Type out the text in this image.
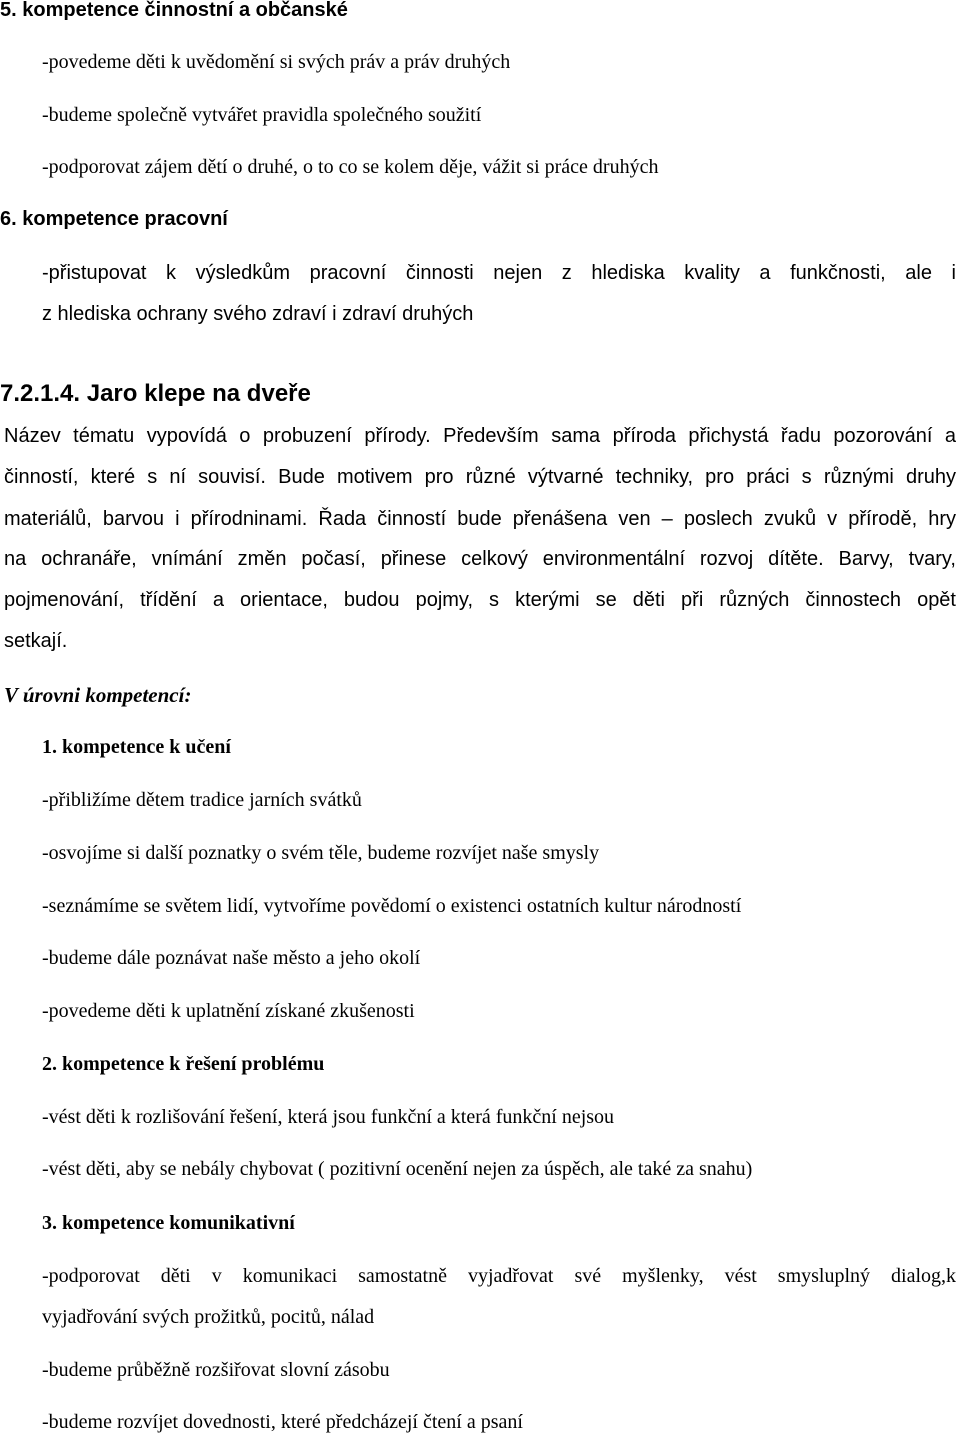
5. kompetence činnostní a občanské
-povedeme děti k uvědomění si svých práv a práv druhých
-budeme společně vytvářet pravidla společného soužití
-podporovat zájem dětí o druhé, o to co se kolem děje, vážit si práce druhých
6. kompetence pracovní
-přistupovat k výsledkům pracovní činnosti nejen z hlediska kvality a funkčnosti, ale i
z hlediska ochrany svého zdraví i zdraví druhých
7.2.1.4. Jaro klepe na dveře
Název tématu vypovídá o probuzení přírody. Především sama příroda přichystá řadu pozorování a
činností, které s ní souvisí. Bude motivem pro různé výtvarné techniky, pro práci s různými druhy
materiálů, barvou i přírodninami. Řada činností bude přenášena ven – poslech zvuků v přírodě, hry
na ochranáře, vnímání změn počasí, přinese celkový environmentální rozvoj dítěte. Barvy, tvary,
pojmenování, třídění a orientace, budou pojmy, s kterými se děti při různých činnostech opět
setkají.
V úrovni kompetencí:
1. kompetence k učení
-přibližíme dětem tradice jarních svátků
-osvojíme si další poznatky o svém těle, budeme rozvíjet naše smysly
-seznámíme se světem lidí, vytvoříme povědomí o existenci ostatních kultur národností
-budeme dále poznávat naše město a jeho okolí
-povedeme děti k uplatnění získané zkušenosti
2. kompetence k řešení problému
-vést děti k rozlišování řešení, která jsou funkční a která funkční nejsou
-vést děti, aby se nebály chybovat ( pozitivní ocenění nejen za úspěch, ale také za snahu)
3. kompetence komunikativní
-podporovat děti v komunikaci samostatně vyjadřovat své myšlenky, vést smysluplný dialog,k
vyjadřování svých prožitků, pocitů, nálad
-budeme průběžně rozšiřovat slovní zásobu
-budeme rozvíjet dovednosti, které předcházejí čtení a psaní
